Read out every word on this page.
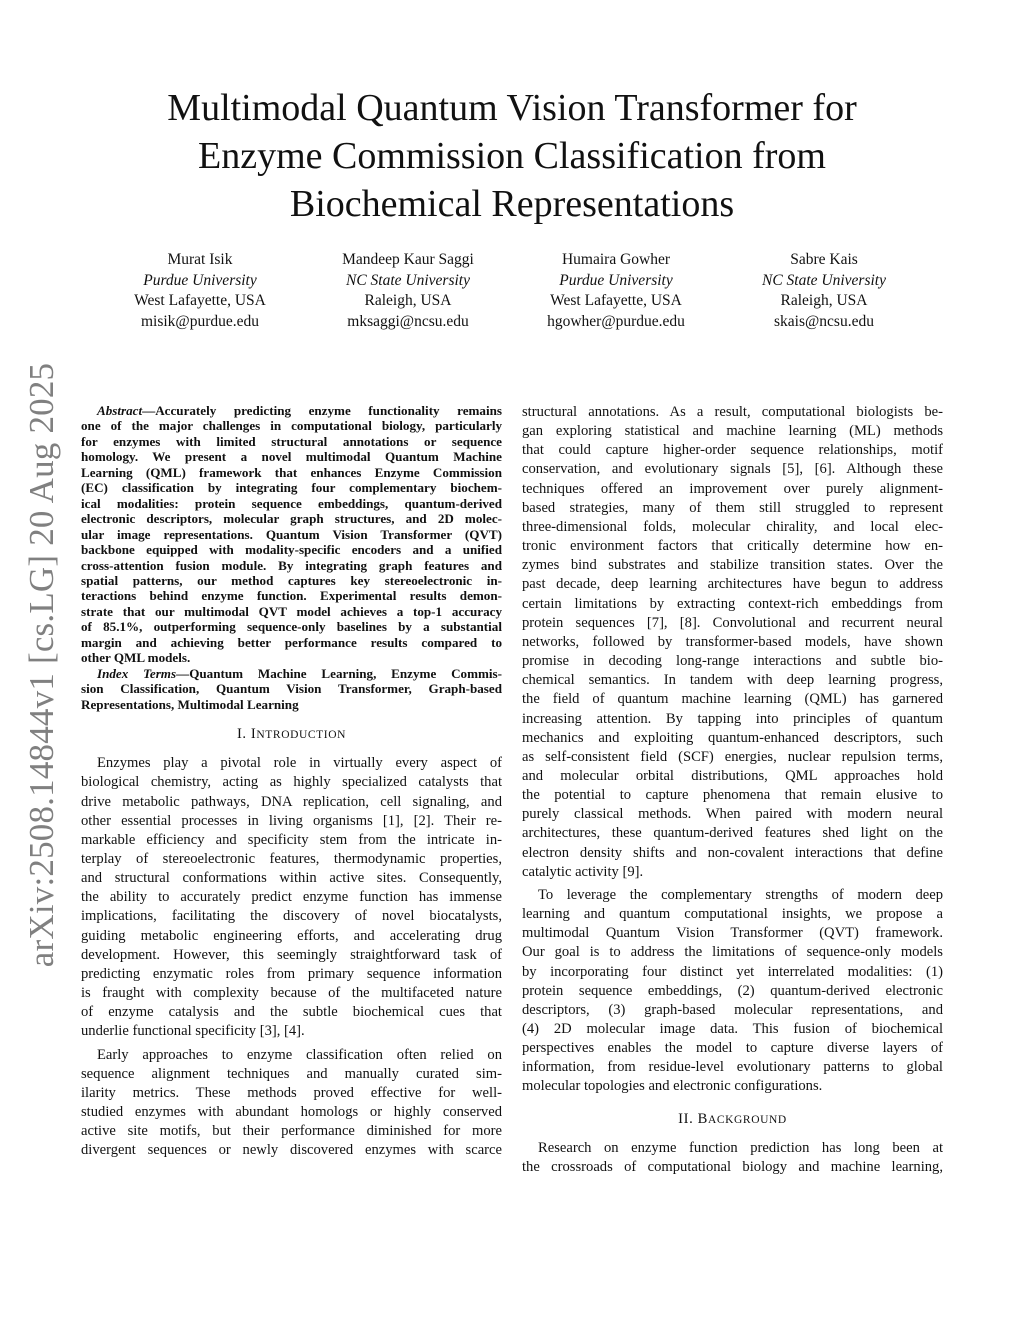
arXiv:2508.14844v1 [cs.LG] 20 Aug 2025
Multimodal Quantum Vision Transformer for
Enzyme Commission Classification from
Biochemical Representations
Murat Isik
Purdue University
West Lafayette, USA
misik@purdue.edu
Mandeep Kaur Saggi
NC State University
Raleigh, USA
mksaggi@ncsu.edu
Humaira Gowher
Purdue University
West Lafayette, USA
hgowher@purdue.edu
Sabre Kais
NC State University
Raleigh, USA
skais@ncsu.edu
Abstract—Accurately predicting enzyme functionality remains
one of the major challenges in computational biology, particularly
for enzymes with limited structural annotations or sequence
homology. We present a novel multimodal Quantum Machine
Learning (QML) framework that enhances Enzyme Commission
(EC) classification by integrating four complementary biochem-
ical modalities: protein sequence embeddings, quantum-derived
electronic descriptors, molecular graph structures, and 2D molec-
ular image representations. Quantum Vision Transformer (QVT)
backbone equipped with modality-specific encoders and a unified
cross-attention fusion module. By integrating graph features and
spatial patterns, our method captures key stereoelectronic in-
teractions behind enzyme function. Experimental results demon-
strate that our multimodal QVT model achieves a top-1 accuracy
of 85.1%, outperforming sequence-only baselines by a substantial
margin and achieving better performance results compared to
other QML models.
Index Terms—Quantum Machine Learning, Enzyme Commis-
sion Classification, Quantum Vision Transformer, Graph-based
Representations, Multimodal Learning

I. INTRODUCTION

Enzymes play a pivotal role in virtually every aspect of
biological chemistry, acting as highly specialized catalysts that
drive metabolic pathways, DNA replication, cell signaling, and
other essential processes in living organisms [1], [2]. Their re-
markable efficiency and specificity stem from the intricate in-
terplay of stereoelectronic features, thermodynamic properties,
and structural conformations within active sites. Consequently,
the ability to accurately predict enzyme function has immense
implications, facilitating the discovery of novel biocatalysts,
guiding metabolic engineering efforts, and accelerating drug
development. However, this seemingly straightforward task of
predicting enzymatic roles from primary sequence information
is fraught with complexity because of the multifaceted nature
of enzyme catalysis and the subtle biochemical cues that
underlie functional specificity [3], [4].
Early approaches to enzyme classification often relied on
sequence alignment techniques and manually curated sim-
ilarity metrics. These methods proved effective for well-
studied enzymes with abundant homologs or highly conserved
active site motifs, but their performance diminished for more
divergent sequences or newly discovered enzymes with scarce
structural annotations. As a result, computational biologists be-
gan exploring statistical and machine learning (ML) methods
that could capture higher-order sequence relationships, motif
conservation, and evolutionary signals [5], [6]. Although these
techniques offered an improvement over purely alignment-
based strategies, many of them still struggled to represent
three-dimensional folds, molecular chirality, and local elec-
tronic environment factors that critically determine how en-
zymes bind substrates and stabilize transition states. Over the
past decade, deep learning architectures have begun to address
certain limitations by extracting context-rich embeddings from
protein sequences [7], [8]. Convolutional and recurrent neural
networks, followed by transformer-based models, have shown
promise in decoding long-range interactions and subtle bio-
chemical semantics. In tandem with deep learning progress,
the field of quantum machine learning (QML) has garnered
increasing attention. By tapping into principles of quantum
mechanics and exploiting quantum-enhanced descriptors, such
as self-consistent field (SCF) energies, nuclear repulsion terms,
and molecular orbital distributions, QML approaches hold
the potential to capture phenomena that remain elusive to
purely classical methods. When paired with modern neural
architectures, these quantum-derived features shed light on the
electron density shifts and non-covalent interactions that define
catalytic activity [9].
To leverage the complementary strengths of modern deep
learning and quantum computational insights, we propose a
multimodal Quantum Vision Transformer (QVT) framework.
Our goal is to address the limitations of sequence-only models
by incorporating four distinct yet interrelated modalities: (1)
protein sequence embeddings, (2) quantum-derived electronic
descriptors, (3) graph-based molecular representations, and
(4) 2D molecular image data. This fusion of biochemical
perspectives enables the model to capture diverse layers of
information, from residue-level evolutionary patterns to global
molecular topologies and electronic configurations.

II. BACKGROUND

Research on enzyme function prediction has long been at
the crossroads of computational biology and machine learning,
